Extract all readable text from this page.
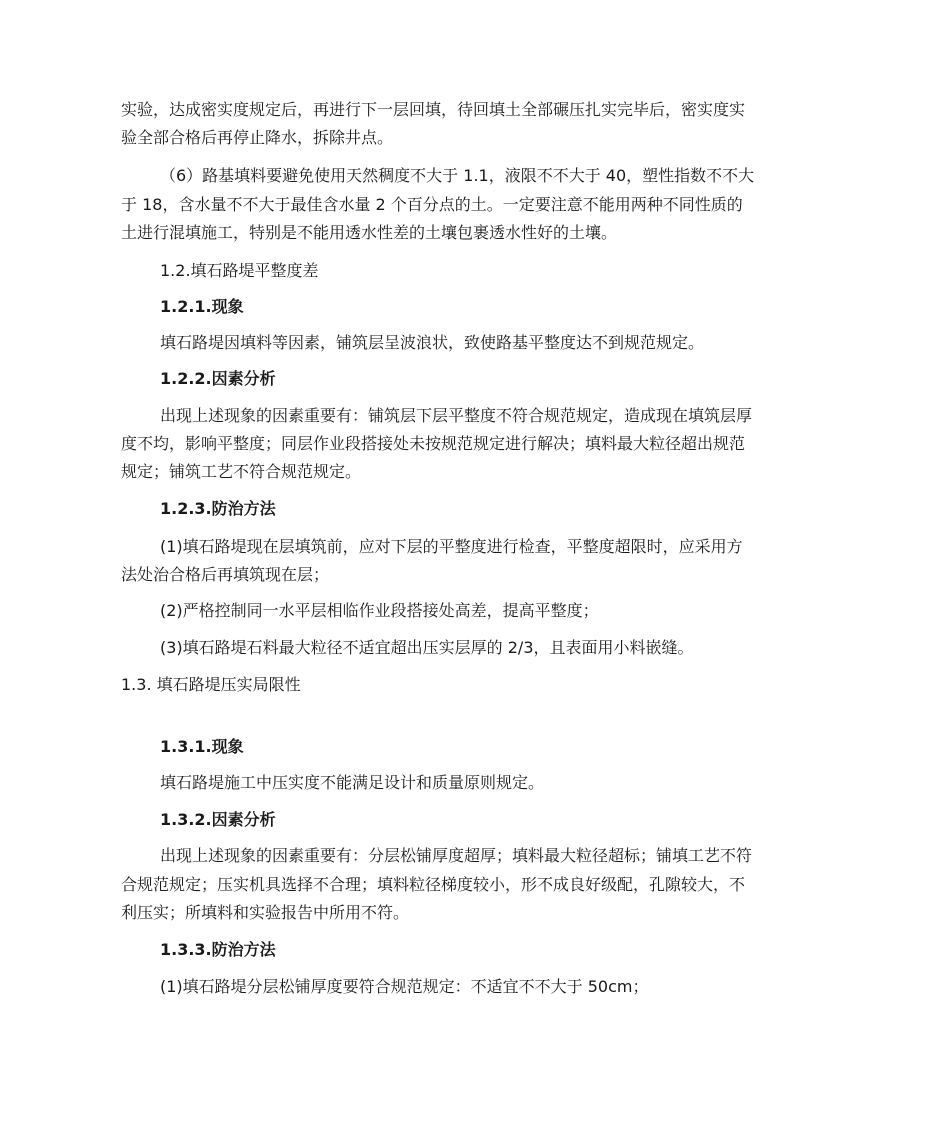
实验，达成密实度规定后，再进行下一层回填，待回填土全部碾压扎实完毕后，密实度实

验全部合格后再停止降水，拆除井点。

（6）路基填料要避免使用天然稠度不大于 1.1，液限不不大于 40，塑性指数不不大

于 18，含水量不不大于最佳含水量 2 个百分点的土。一定要注意不能用两种不同性质的

土进行混填施工，特别是不能用透水性差的土壤包裹透水性好的土壤。

1.2.填石路堤平整度差

1.2.1.现象

填石路堤因填料等因素，铺筑层呈波浪状，致使路基平整度达不到规范规定。

1.2.2.因素分析

出现上述现象的因素重要有：铺筑层下层平整度不符合规范规定，造成现在填筑层厚

度不均，影响平整度；同层作业段搭接处未按规范规定进行解决；填料最大粒径超出规范

规定；铺筑工艺不符合规范规定。

1.2.3.防治方法

(1)填石路堤现在层填筑前，应对下层的平整度进行检查，平整度超限时，应采用方

法处治合格后再填筑现在层；

(2)严格控制同一水平层相临作业段搭接处高差，提高平整度；

(3)填石路堤石料最大粒径不适宜超出压实层厚的 2/3，且表面用小料嵌缝。

1.3. 填石路堤压实局限性

1.3.1.现象

填石路堤施工中压实度不能满足设计和质量原则规定。

1.3.2.因素分析

出现上述现象的因素重要有：分层松铺厚度超厚；填料最大粒径超标；铺填工艺不符

合规范规定；压实机具选择不合理；填料粒径梯度较小，形不成良好级配，孔隙较大，不

利压实；所填料和实验报告中所用不符。

1.3.3.防治方法

(1)填石路堤分层松铺厚度要符合规范规定：不适宜不不大于 50cm；
